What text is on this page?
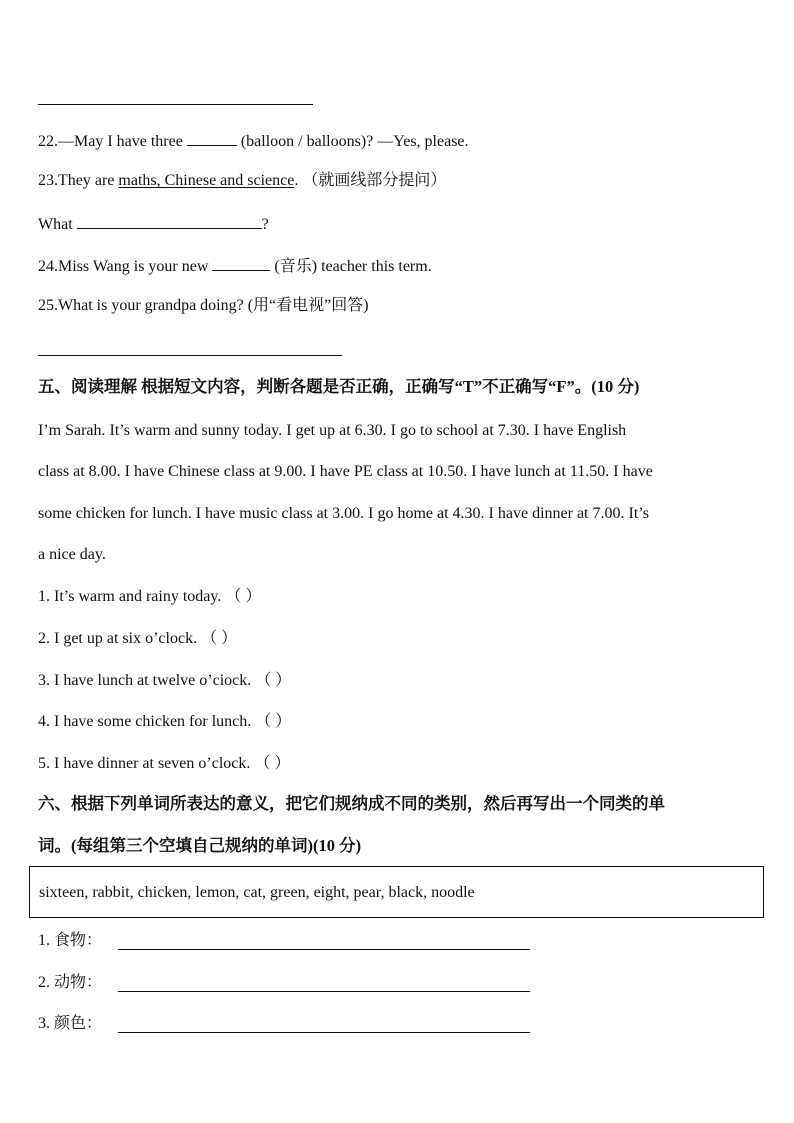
22.—May I have three	(balloon / balloons)? —Yes, please.
23.They are maths, Chinese and science. （就画线部分提问）
What	?
24.Miss Wang is your new	(音乐) teacher this term.
25.What is your grandpa doing? (用“看电视”回答)
五、阅读理解 根据短文内容，判断各题是否正确，正确写“T”不正确写“F”。(10 分)
I’m Sarah. It’s warm and sunny today. I get up at 6.30. I go to school at 7.30. I have English
class at 8.00. I have Chinese class at 9.00. I have PE class at 10.50. I have lunch at 11.50. I have
some chicken for lunch. I have music class at 3.00. I go home at 4.30. I have dinner at 7.00. It’s
a nice day.
1. It’s warm and rainy today. （ ）
2. I get up at six o’clock. （ ）
3. I have lunch at twelve o’ciock. （ ）
4. I have some chicken for lunch. （ ）
5. I have dinner at seven o’clock. （ ）
六、根据下列单词所表达的意义，把它们规纳成不同的类别，然后再写出一个同类的单
词。(每组第三个空填自己规纳的单词)(10 分)
sixteen, rabbit, chicken, lemon, cat, green, eight, pear, black, noodle
1. 食物：
2. 动物：
3. 颜色：
